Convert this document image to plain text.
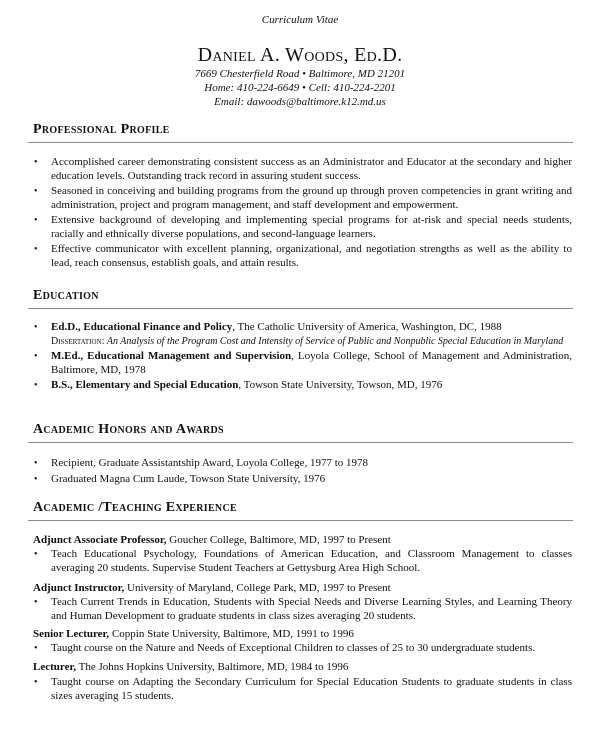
Curriculum Vitae
Daniel A. Woods, Ed.D.
7669 Chesterfield Road • Baltimore, MD 21201
Home: 410-224-6649 • Cell: 410-224-2201
Email: dawoods@baltimore.k12.md.us
Professional Profile
• Accomplished career demonstrating consistent success as an Administrator and Educator at the secondary and higher education levels. Outstanding track record in assuring student success.
• Seasoned in conceiving and building programs from the ground up through proven competencies in grant writing and administration, project and program management, and staff development and empowerment.
• Extensive background of developing and implementing special programs for at-risk and special needs students, racially and ethnically diverse populations, and second-language learners.
• Effective communicator with excellent planning, organizational, and negotiation strengths as well as the ability to lead, reach consensus, establish goals, and attain results.
Education
• Ed.D., Educational Finance and Policy, The Catholic University of America, Washington, DC, 1988
Dissertation: An Analysis of the Program Cost and Intensity of Service of Public and Nonpublic Special Education in Maryland
• M.Ed., Educational Management and Supervision, Loyola College, School of Management and Administration, Baltimore, MD, 1978
• B.S., Elementary and Special Education, Towson State University, Towson, MD, 1976
Academic Honors and Awards
• Recipient, Graduate Assistantship Award, Loyola College, 1977 to 1978
• Graduated Magna Cum Laude, Towson State University, 1976
Academic /Teaching Experience
Adjunct Associate Professor, Goucher College, Baltimore, MD, 1997 to Present
• Teach Educational Psychology, Foundations of American Education, and Classroom Management to classes averaging 20 students. Supervise Student Teachers at Gettysburg Area High School.
Adjunct Instructor, University of Maryland, College Park, MD, 1997 to Present
• Teach Current Trends in Education, Students with Special Needs and Diverse Learning Styles, and Learning Theory and Human Development to graduate students in class sizes averaging 20 students.
Senior Lecturer, Coppin State University, Baltimore, MD, 1991 to 1996
• Taught course on the Nature and Needs of Exceptional Children to classes of 25 to 30 undergraduate students.
Lecturer, The Johns Hopkins University, Baltimore, MD, 1984 to 1996
• Taught course on Adapting the Secondary Curriculum for Special Education Students to graduate students in class sizes averaging 15 students.
